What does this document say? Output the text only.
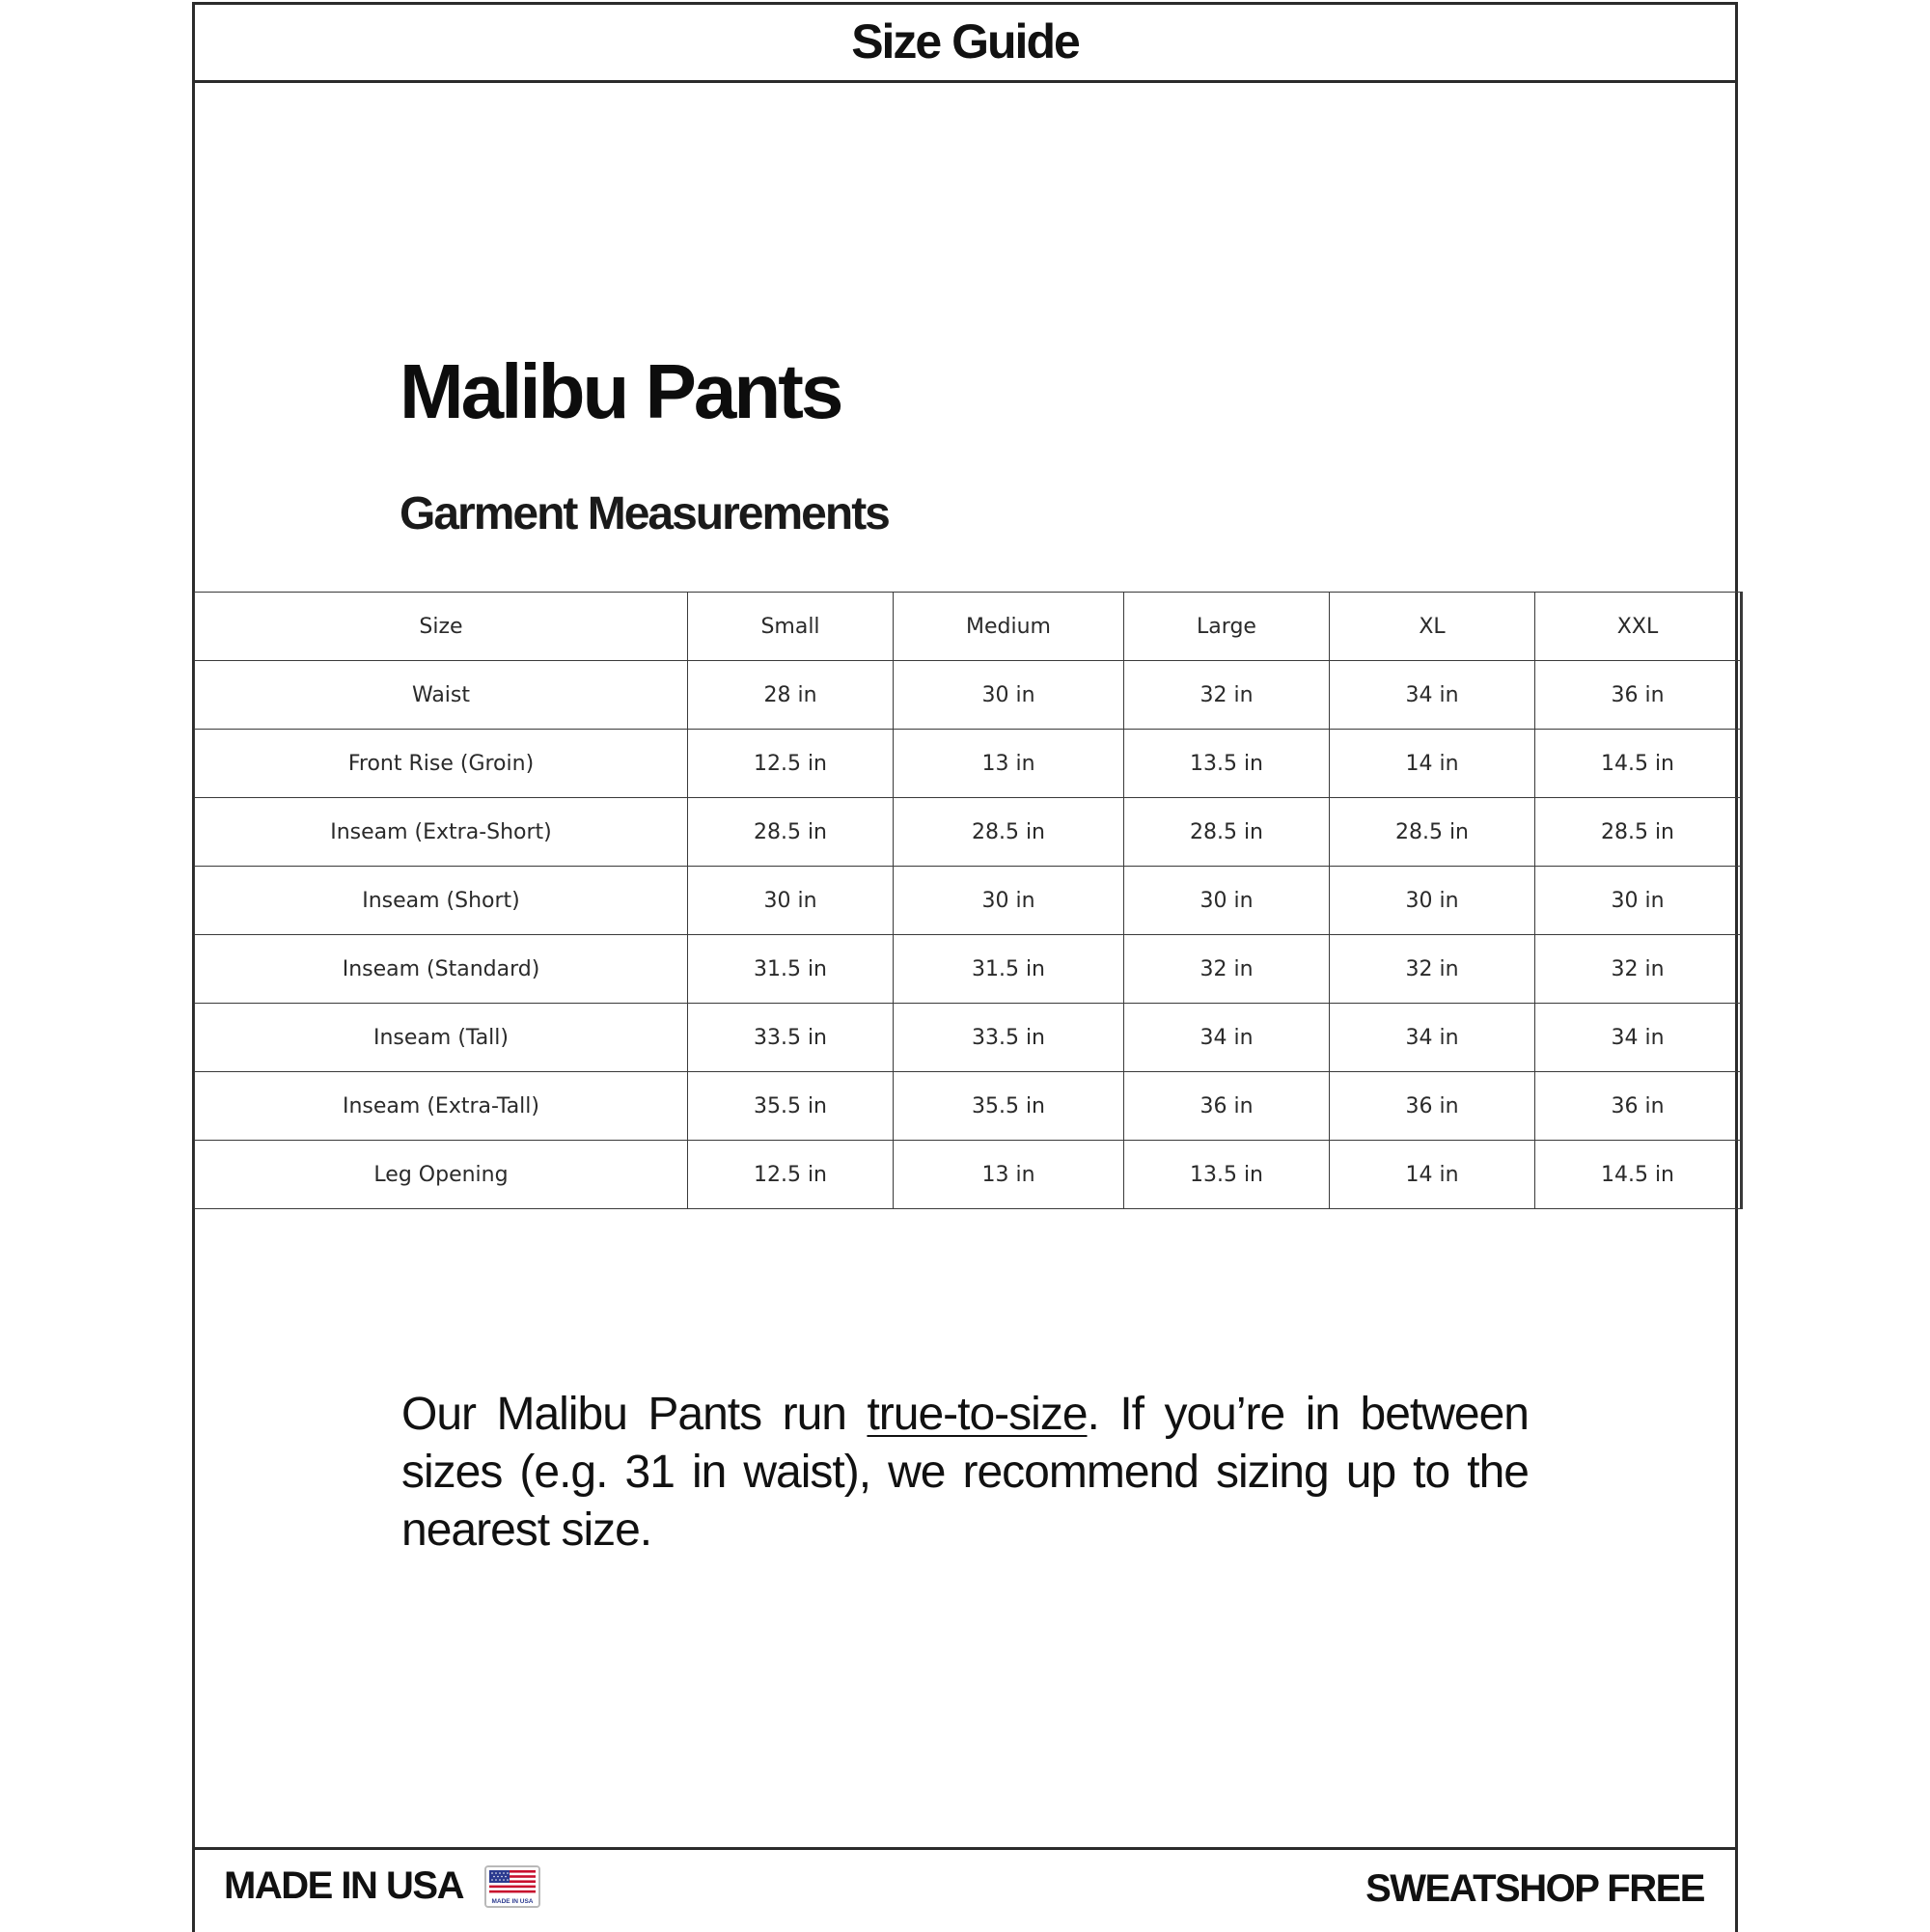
Size Guide
Malibu Pants
Garment Measurements
Size	Small	Medium	Large	XL	XXL
Waist	28 in	30 in	32 in	34 in	36 in
Front Rise (Groin)	12.5 in	13 in	13.5 in	14 in	14.5 in
Inseam (Extra-Short)	28.5 in	28.5 in	28.5 in	28.5 in	28.5 in
Inseam (Short)	30 in	30 in	30 in	30 in	30 in
Inseam (Standard)	31.5 in	31.5 in	32 in	32 in	32 in
Inseam (Tall)	33.5 in	33.5 in	34 in	34 in	34 in
Inseam (Extra-Tall)	35.5 in	35.5 in	36 in	36 in	36 in
Leg Opening	12.5 in	13 in	13.5 in	14 in	14.5 in

Our Malibu Pants run true-to-size. If you’re in between sizes (e.g. 31 in waist), we recommend sizing up to the nearest size.

MADE IN USA	MADE IN USA	SWEATSHOP FREE
